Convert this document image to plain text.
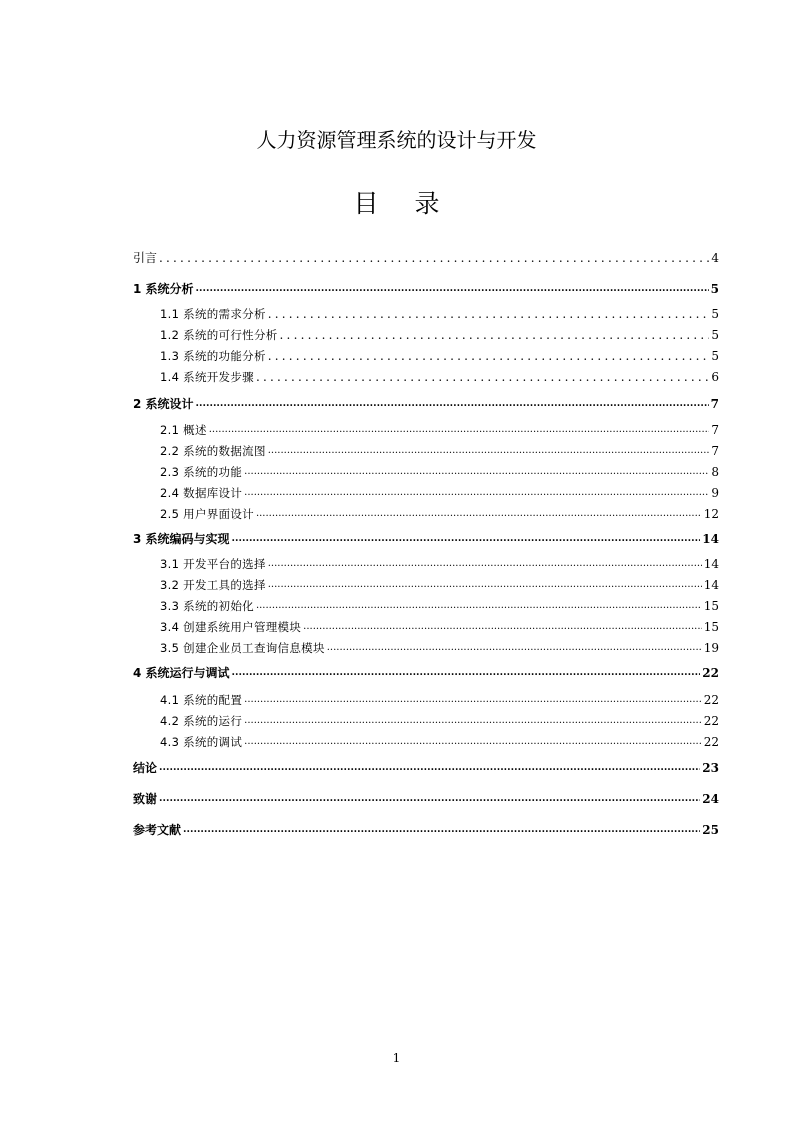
人力资源管理系统的设计与开发
目 录
引言 .....	4
1 系统分析 .....	5
1.1 系统的需求分析 .....	5
1.2 系统的可行性分析 .....	5
1.3 系统的功能分析 .....	5
1.4 系统开发步骤 .....	6
2 系统设计 .....	7
2.1 概述 .....	7
2.2 系统的数据流图 .....	7
2.3 系统的功能 .....	8
2.4 数据库设计 .....	9
2.5 用户界面设计 .....	12
3 系统编码与实现 .....	14
3.1 开发平台的选择 .....	14
3.2 开发工具的选择 .....	14
3.3 系统的初始化 .....	15
3.4 创建系统用户管理模块 .....	15
3.5 创建企业员工查询信息模块 .....	19
4 系统运行与调试 .....	22
4.1 系统的配置 .....	22
4.2 系统的运行 .....	22
4.3 系统的调试 .....	22
结论 .....	23
致谢 .....	24
参考文献 .....	25
1
